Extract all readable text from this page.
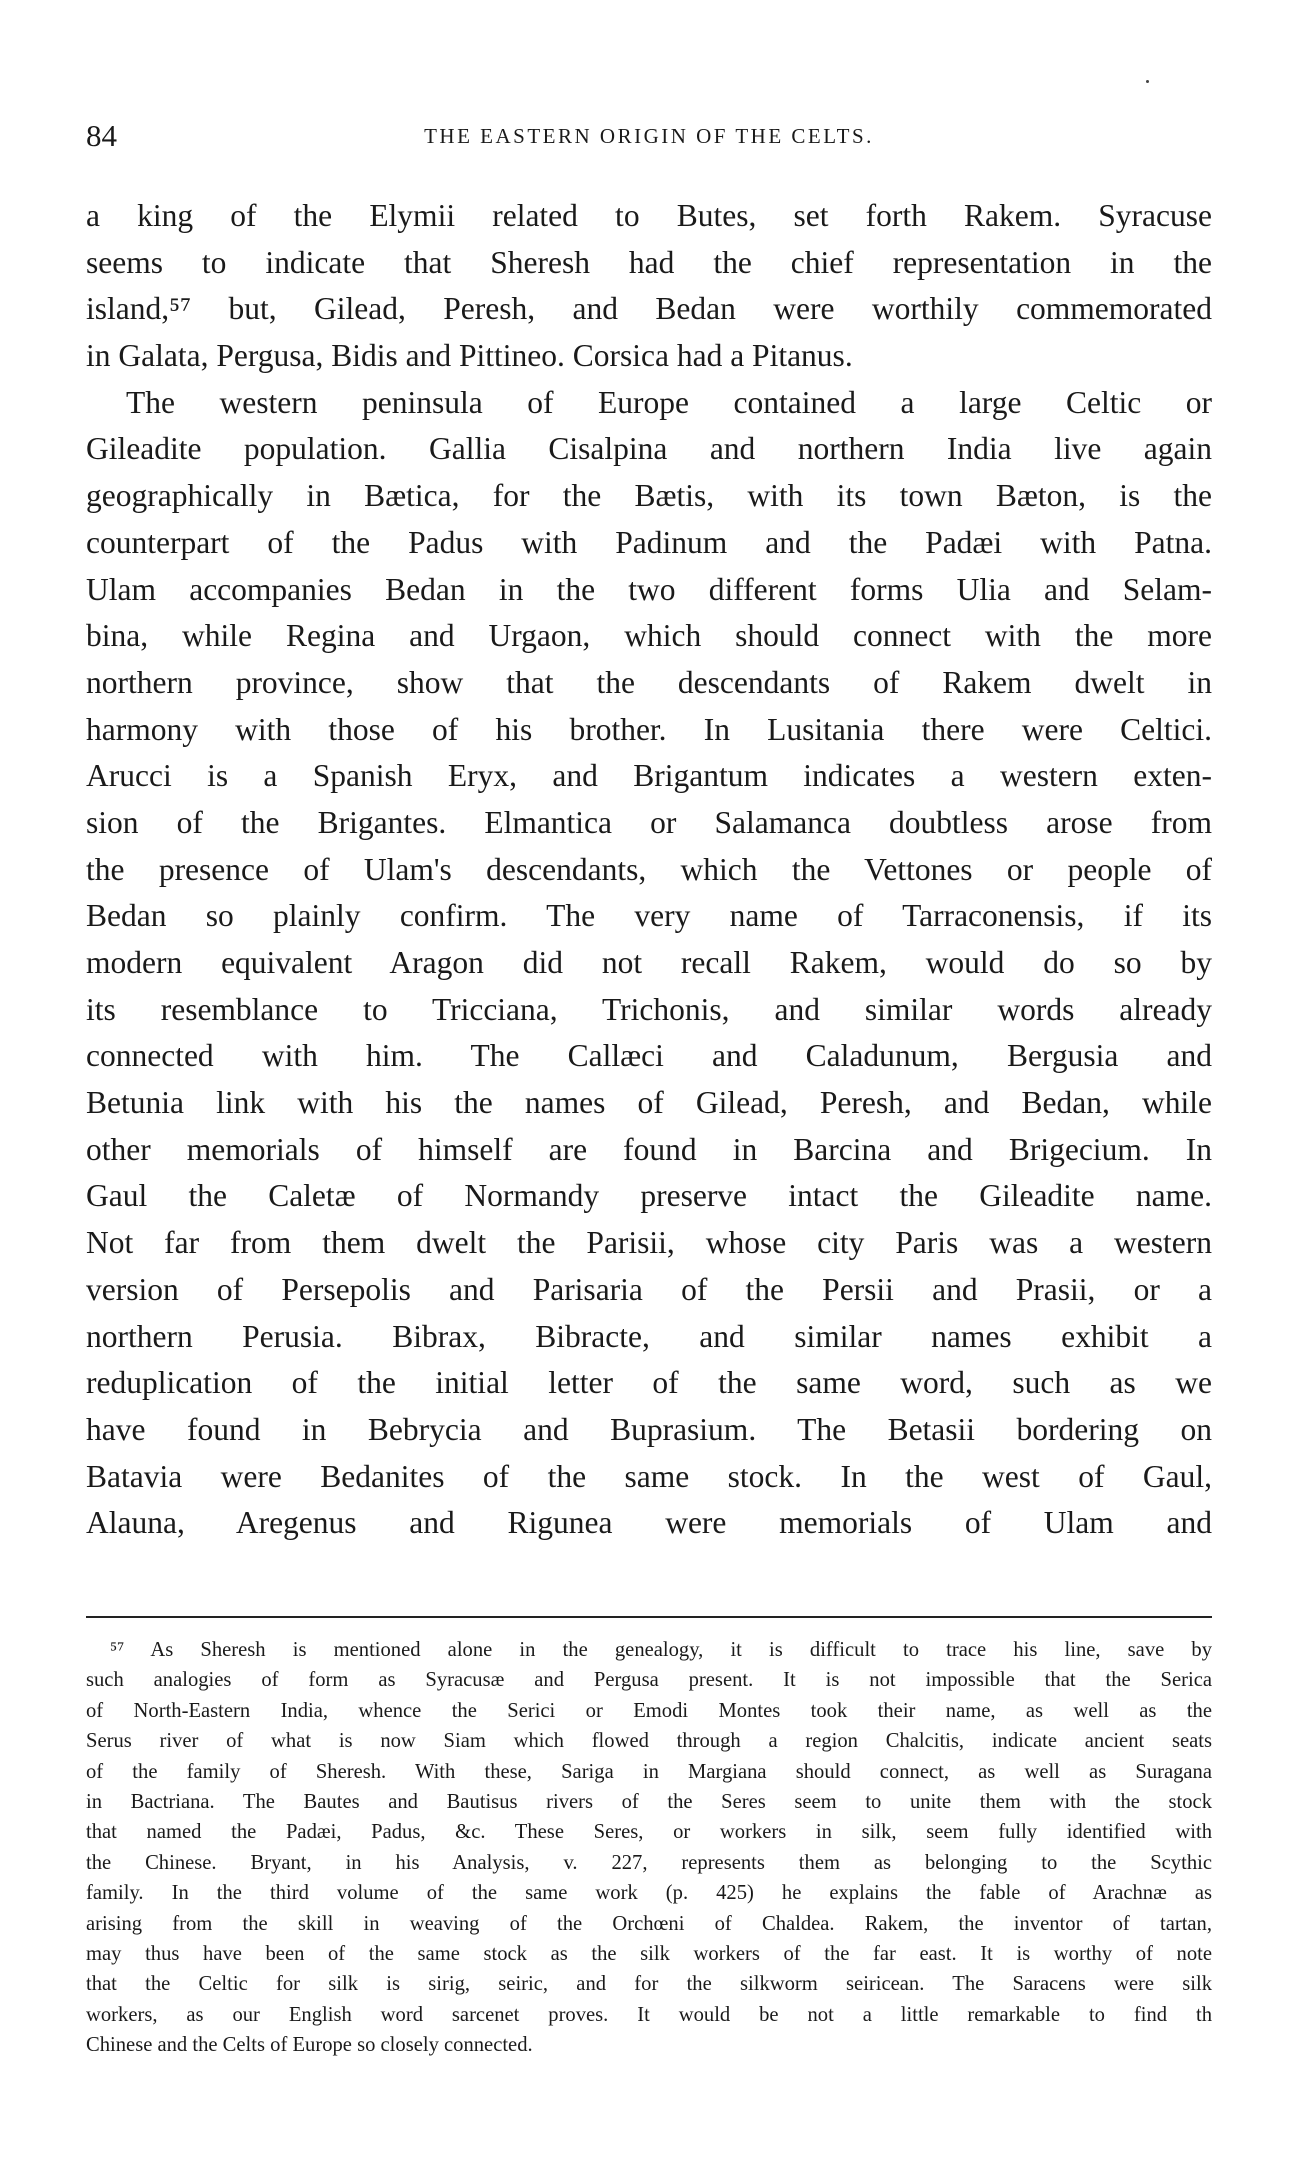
84	THE EASTERN ORIGIN OF THE CELTS.
a king of the Elymii related to Butes, set forth Rakem. Syracuse
seems to indicate that Sheresh had the chief representation in the
island,⁵⁷ but, Gilead, Peresh, and Bedan were worthily commemorated
in Galata, Pergusa, Bidis and Pittineo. Corsica had a Pitanus.
The western peninsula of Europe contained a large Celtic or
Gileadite population. Gallia Cisalpina and northern India live again
geographically in Bætica, for the Bætis, with its town Bæton, is the
counterpart of the Padus with Padinum and the Padæi with Patna.
Ulam accompanies Bedan in the two different forms Ulia and Selam-
bina, while Regina and Urgaon, which should connect with the more
northern province, show that the descendants of Rakem dwelt in
harmony with those of his brother. In Lusitania there were Celtici.
Arucci is a Spanish Eryx, and Brigantum indicates a western exten-
sion of the Brigantes. Elmantica or Salamanca doubtless arose from
the presence of Ulam's descendants, which the Vettones or people of
Bedan so plainly confirm. The very name of Tarraconensis, if its
modern equivalent Aragon did not recall Rakem, would do so by
its resemblance to Tricciana, Trichonis, and similar words already
connected with him. The Callæci and Caladunum, Bergusia and
Betunia link with his the names of Gilead, Peresh, and Bedan, while
other memorials of himself are found in Barcina and Brigecium. In
Gaul the Caletæ of Normandy preserve intact the Gileadite name.
Not far from them dwelt the Parisii, whose city Paris was a western
version of Persepolis and Parisaria of the Persii and Prasii, or a
northern Perusia. Bibrax, Bibracte, and similar names exhibit a
reduplication of the initial letter of the same word, such as we
have found in Bebrycia and Buprasium. The Betasii bordering on
Batavia were Bedanites of the same stock. In the west of Gaul,
Alauna, Aregenus and Rigunea were memorials of Ulam and
⁵⁷ As Sheresh is mentioned alone in the genealogy, it is difficult to trace his line, save by
such analogies of form as Syracusæ and Pergusa present. It is not impossible that the Serica
of North-Eastern India, whence the Serici or Emodi Montes took their name, as well as the
Serus river of what is now Siam which flowed through a region Chalcitis, indicate ancient seats
of the family of Sheresh. With these, Sariga in Margiana should connect, as well as Suragana
in Bactriana. The Bautes and Bautisus rivers of the Seres seem to unite them with the stock
that named the Padæi, Padus, &c. These Seres, or workers in silk, seem fully identified with
the Chinese. Bryant, in his Analysis, v. 227, represents them as belonging to the Scythic
family. In the third volume of the same work (p. 425) he explains the fable of Arachnæ as
arising from the skill in weaving of the Orchœni of Chaldea. Rakem, the inventor of tartan,
may thus have been of the same stock as the silk workers of the far east. It is worthy of note
that the Celtic for silk is sirig, seiric, and for the silkworm seiricean. The Saracens were silk
workers, as our English word sarcenet proves. It would be not a little remarkable to find th
Chinese and the Celts of Europe so closely connected.
